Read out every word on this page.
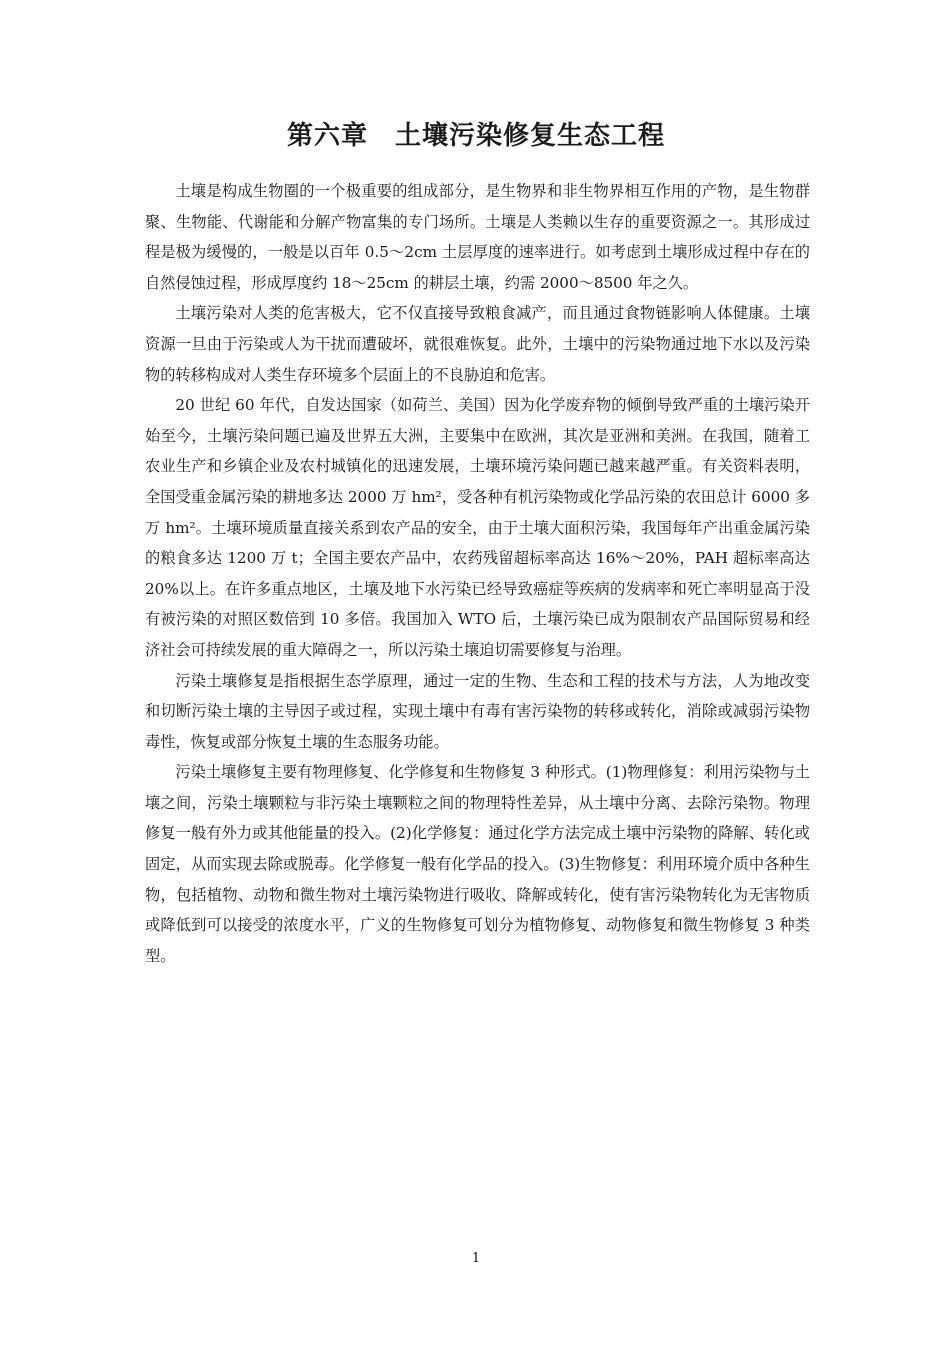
第六章　土壤污染修复生态工程

土壤是构成生物圈的一个极重要的组成部分，是生物界和非生物界相互作用的产物，是生物群聚、生物能、代谢能和分解产物富集的专门场所。土壤是人类赖以生存的重要资源之一。其形成过程是极为缓慢的，一般是以百年 0.5～2cm 土层厚度的速率进行。如考虑到土壤形成过程中存在的自然侵蚀过程，形成厚度约 18～25cm 的耕层土壤，约需 2000～8500 年之久。

土壤污染对人类的危害极大，它不仅直接导致粮食减产，而且通过食物链影响人体健康。土壤资源一旦由于污染或人为干扰而遭破坏，就很难恢复。此外，土壤中的污染物通过地下水以及污染物的转移构成对人类生存环境多个层面上的不良胁迫和危害。

20 世纪 60 年代，自发达国家（如荷兰、美国）因为化学废弃物的倾倒导致严重的土壤污染开始至今，土壤污染问题已遍及世界五大洲，主要集中在欧洲，其次是亚洲和美洲。在我国，随着工农业生产和乡镇企业及农村城镇化的迅速发展，土壤环境污染问题已越来越严重。有关资料表明，全国受重金属污染的耕地多达 2000 万 hm²，受各种有机污染物或化学品污染的农田总计 6000 多万 hm²。土壤环境质量直接关系到农产品的安全，由于土壤大面积污染，我国每年产出重金属污染的粮食多达 1200 万 t；全国主要农产品中，农药残留超标率高达 16%～20%，PAH 超标率高达 20%以上。在许多重点地区，土壤及地下水污染已经导致癌症等疾病的发病率和死亡率明显高于没有被污染的对照区数倍到 10 多倍。我国加入 WTO 后，土壤污染已成为限制农产品国际贸易和经济社会可持续发展的重大障碍之一，所以污染土壤迫切需要修复与治理。

污染土壤修复是指根据生态学原理，通过一定的生物、生态和工程的技术与方法，人为地改变和切断污染土壤的主导因子或过程，实现土壤中有毒有害污染物的转移或转化，消除或减弱污染物毒性，恢复或部分恢复土壤的生态服务功能。

污染土壤修复主要有物理修复、化学修复和生物修复 3 种形式。(1)物理修复：利用污染物与土壤之间，污染土壤颗粒与非污染土壤颗粒之间的物理特性差异，从土壤中分离、去除污染物。物理修复一般有外力或其他能量的投入。(2)化学修复：通过化学方法完成土壤中污染物的降解、转化或固定，从而实现去除或脱毒。化学修复一般有化学品的投入。(3)生物修复：利用环境介质中各种生物，包括植物、动物和微生物对土壤污染物进行吸收、降解或转化，使有害污染物转化为无害物质或降低到可以接受的浓度水平，广义的生物修复可划分为植物修复、动物修复和微生物修复 3 种类型。

1
